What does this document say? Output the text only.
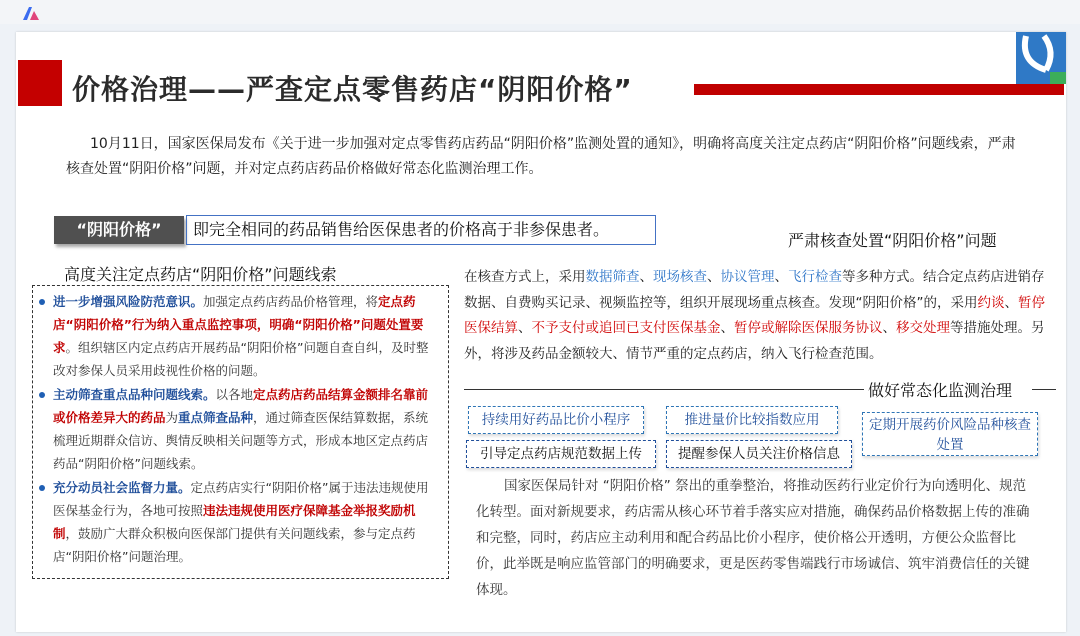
价格治理——严查定点零售药店“阴阳价格”
10月11日，国家医保局发布《关于进一步加强对定点零售药店药品“阴阳价格”监测处置的通知》，明确将高度关注定点药店“阴阳价格”问题线索，严肃核查处置“阴阳价格”问题，并对定点药店药品价格做好常态化监测治理工作。
“阴阳价格”	即完全相同的药品销售给医保患者的价格高于非参保患者。
高度关注定点药店“阴阳价格”问题线索
严肃核查处置“阴阳价格”问题

进一步增强风险防范意识。加强定点药店药品价格管理，将定点药店“阴阳价格”行为纳入重点监控事项，明确“阴阳价格”问题处置要求。组织辖区内定点药店开展药品“阴阳价格”问题自查自纠，及时整改对参保人员采用歧视性价格的问题。

主动筛查重点品种问题线索。以各地定点药店药品结算金额排名靠前或价格差异大的药品为重点筛查品种，通过筛查医保结算数据，系统梳理近期群众信访、舆情反映相关问题等方式，形成本地区定点药店药品“阴阳价格”问题线索。

充分动员社会监督力量。定点药店实行“阴阳价格”属于违法违规使用医保基金行为，各地可按照违法违规使用医疗保障基金举报奖励机制，鼓励广大群众积极向医保部门提供有关问题线索，参与定点药店“阴阳价格”问题治理。

在核查方式上，采用数据筛查、现场核查、协议管理、飞行检查等多种方式。结合定点药店进销存数据、自费购买记录、视频监控等，组织开展现场重点核查。发现“阴阳价格”的，采用约谈、暂停医保结算、不予支付或追回已支付医保基金、暂停或解除医保服务协议、移交处理等措施处理。另外，将涉及药品金额较大、情节严重的定点药店，纳入飞行检查范围。
做好常态化监测治理
持续用好药品比价小程序	推进量价比较指数应用	定期开展药价风险品种核查处置
引导定点药店规范数据上传	提醒参保人员关注价格信息
国家医保局针对 “阴阳价格” 祭出的重拳整治，将推动医药行业定价行为向透明化、规范化转型。面对新规要求，药店需从核心环节着手落实应对措施，确保药品价格数据上传的准确和完整，同时，药店应主动利用和配合药品比价小程序，使价格公开透明，方便公众监督比价，此举既是响应监管部门的明确要求，更是医药零售端践行市场诚信、筑牢消费信任的关键体现。
